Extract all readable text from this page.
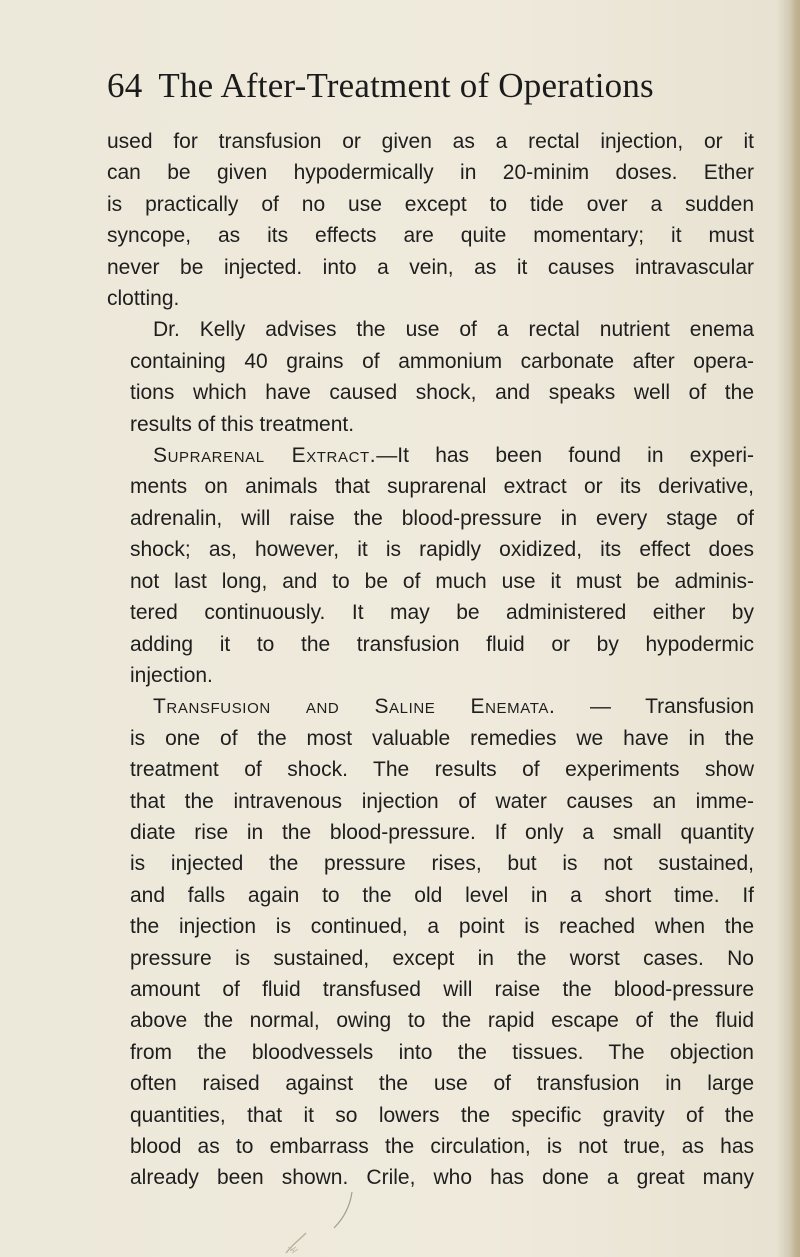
64 The After-Treatment of Operations

used for transfusion or given as a rectal injection, or it
can be given hypodermically in 20-minim doses. Ether
is practically of no use except to tide over a sudden
syncope, as its effects are quite momentary; it must
never be injected. into a vein, as it causes intravascular
clotting.

Dr. Kelly advises the use of a rectal nutrient enema
containing 40 grains of ammonium carbonate after opera-
tions which have caused shock, and speaks well of the
results of this treatment.

Suprarenal Extract.—It has been found in experi-
ments on animals that suprarenal extract or its derivative,
adrenalin, will raise the blood-pressure in every stage of
shock; as, however, it is rapidly oxidized, its effect does
not last long, and to be of much use it must be adminis-
tered continuously. It may be administered either by
adding it to the transfusion fluid or by hypodermic
injection.

Transfusion and Saline Enemata. — Transfusion
is one of the most valuable remedies we have in the
treatment of shock. The results of experiments show
that the intravenous injection of water causes an imme-
diate rise in the blood-pressure. If only a small quantity
is injected the pressure rises, but is not sustained,
and falls again to the old level in a short time. If
the injection is continued, a point is reached when the
pressure is sustained, except in the worst cases. No
amount of fluid transfused will raise the blood-pressure
above the normal, owing to the rapid escape of the fluid
from the bloodvessels into the tissues. The objection
often raised against the use of transfusion in large
quantities, that it so lowers the specific gravity of the
blood as to embarrass the circulation, is not true, as has
already been shown. Crile, who has done a great many
